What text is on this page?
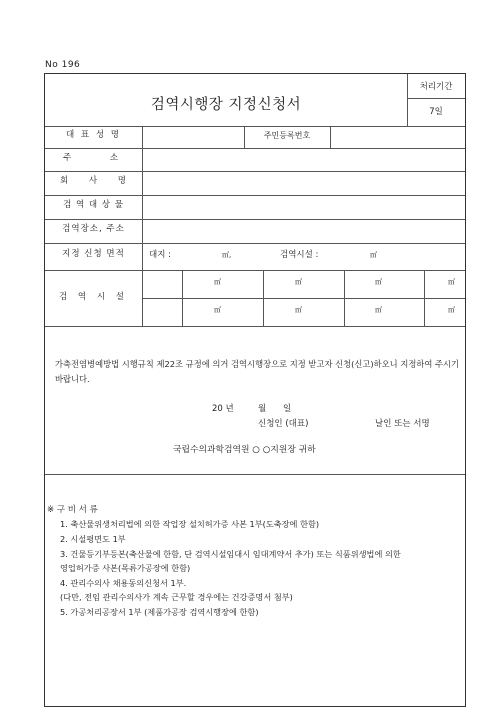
No 196
검역시행장 지정신청서
처리기간
7일
대 표 성 명	주민등록번호
주 소
회 사 명
검 역 대 상 물
검역장소, 주소
지정 신청 면적	대지 :	㎡,	검역시설 :	㎡
검 역 시 설
㎡	㎡	㎡	㎡
㎡	㎡	㎡	㎡
가축전염병예방법 시행규칙 제22조 규정에 의거 검역시행장으로 지정 받고자 신청(신고)하오니 지정하여 주시기 바랍니다.
20 년	월 일
신청인 (대표)	날인 또는 서명
국립수의과학검역원 ○ ○지원장 귀하
※ 구 비 서 류
1. 축산물위생처리법에 의한 작업장 설치허가증 사본 1부(도축장에 한함)
2. 시설평면도 1부
3. 건물등기부등본(축산물에 한함, 단 검역시설임대시 임대계약서 추가) 또는 식품위생법에 의한
영업허가증 사본(목류가공장에 한함)
4. 관리수의사 채용동의신청서 1부.
(다만, 전임 관리수의사가 계속 근무할 경우에는 건강증명서 첨부)
5. 가공처리공장서 1부 (제품가공장 검역시행장에 한함)
